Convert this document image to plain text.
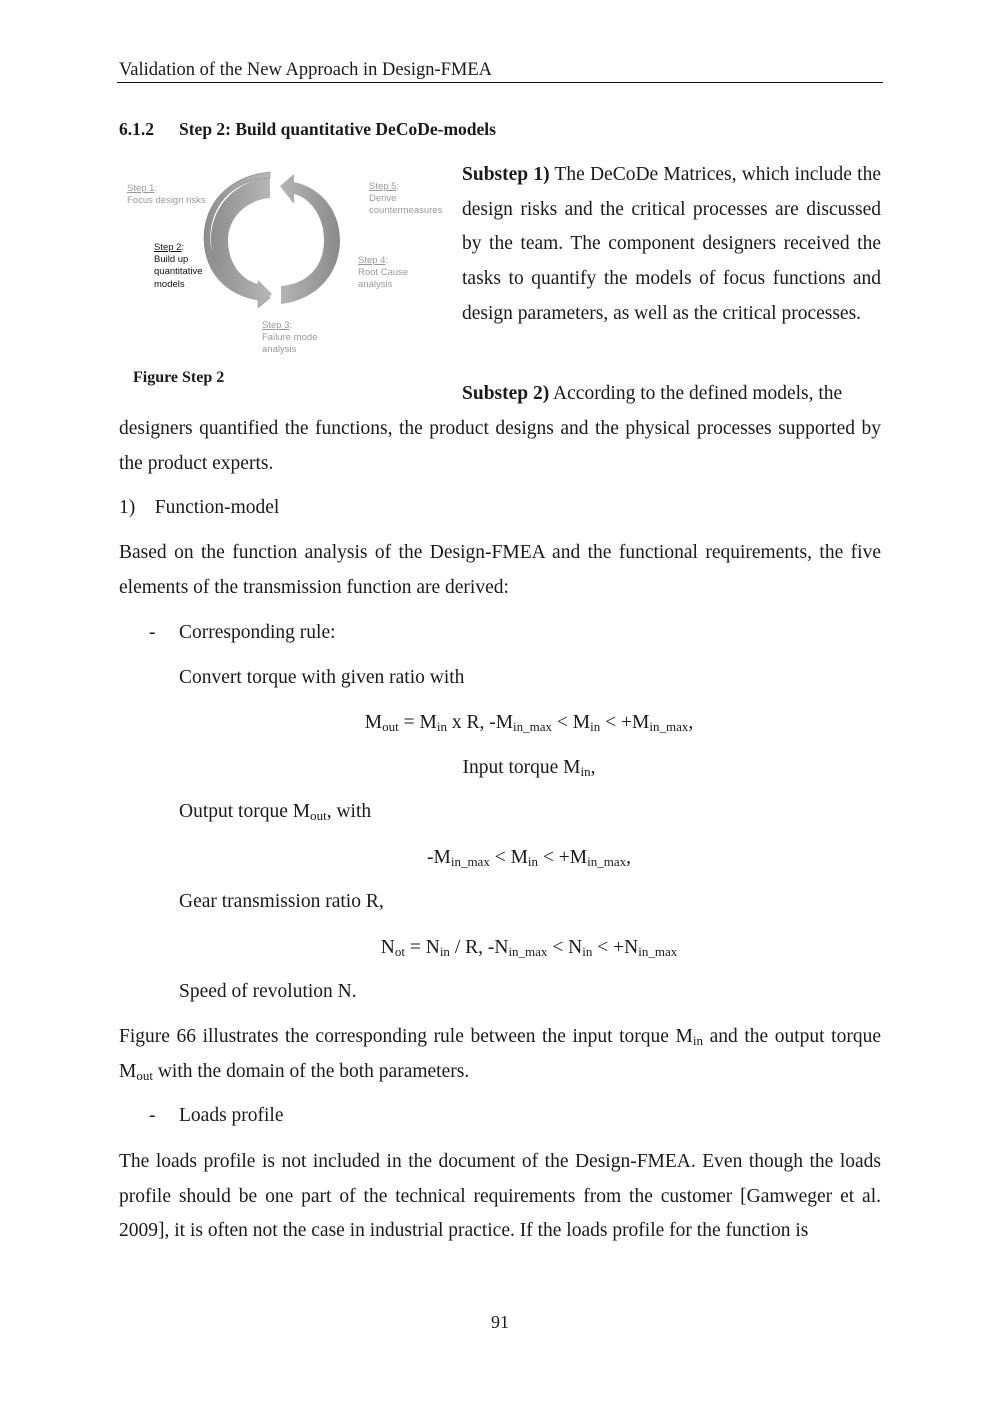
Validation of the New Approach in Design-FMEA
6.1.2 Step 2: Build quantitative DeCoDe-models
Step 1:
Focus design risks
Step 2:
Build up
quantitative
models
Step 3:
Failure mode
analysis
Step 4:
Root Cause
analysis
Step 5:
Derive
countermeasures
Figure Step 2
Substep 1) The DeCoDe Matrices, which include the design risks and the critical processes are discussed by the team. The component designers received the tasks to quantify the models of focus functions and design parameters, as well as the critical processes.
Substep 2) According to the defined models, the
designers quantified the functions, the product designs and the physical processes supported by the product experts.
1) Function-model
Based on the function analysis of the Design-FMEA and the functional requirements, the five elements of the transmission function are derived:
- Corresponding rule:
Convert torque with given ratio with
$M_{out} = M_{in}$ x R, $-M_{in\_max} < M_{in} < +M_{in\_max}$,
Input torque $M_{in}$,
Output torque $M_{out}$, with
$-M_{in\_max} < M_{in} < +M_{in\_max}$,
Gear transmission ratio R,
$N_{ot} = N_{in} / R$, $-N_{in\_max} < N_{in} < +N_{in\_max}$
Speed of revolution N.
Figure 66 illustrates the corresponding rule between the input torque $M_{in}$ and the output torque $M_{out}$ with the domain of the both parameters.
- Loads profile
The loads profile is not included in the document of the Design-FMEA. Even though the loads profile should be one part of the technical requirements from the customer [Gamweger et al. 2009], it is often not the case in industrial practice. If the loads profile for the function is
91
